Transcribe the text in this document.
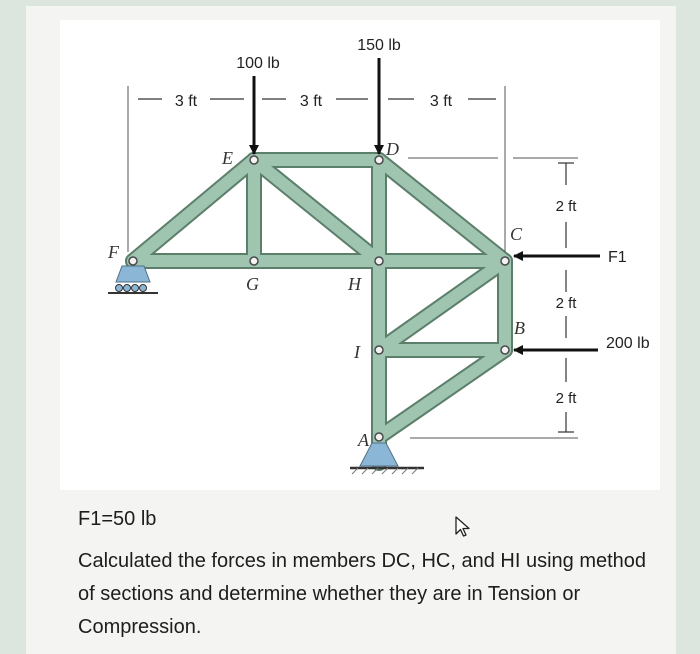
3 ft	3 ft	3 ft
2 ft
2 ft
2 ft
100 lb
150 lb
F1
200 lb
E	D
F
G	H
C
B
I
A
F1=50 lb
Calculated the forces in members DC, HC, and HI using method of sections and determine whether they are in Tension or Compression.
